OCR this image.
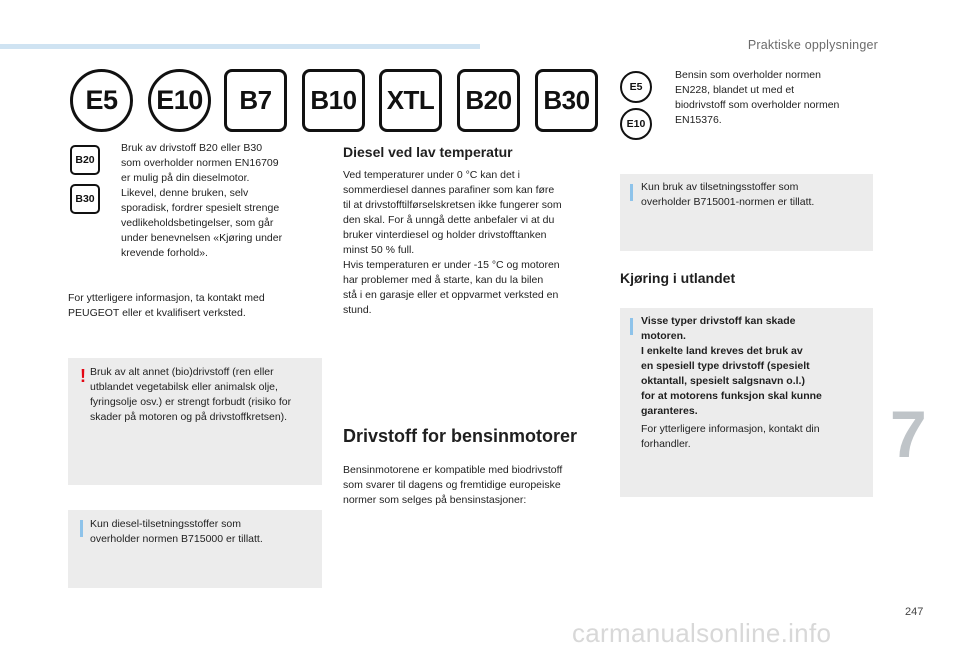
Praktiske opplysninger
E5	E10	B7	B10	XTL	B20	B30
B20
B30
Bruk av drivstoff B20 eller B30
som overholder normen EN16709
er mulig på din dieselmotor.
Likevel, denne bruken, selv
sporadisk, fordrer spesielt strenge
vedlikeholdsbetingelser, som går
under benevnelsen «Kjøring under
krevende forhold».
For ytterligere informasjon, ta kontakt med
PEUGEOT eller et kvalifisert verksted.
! Bruk av alt annet (bio)drivstoff (ren eller
utblandet vegetabilsk eller animalsk olje,
fyringsolje osv.) er strengt forbudt (risiko for
skader på motoren og på drivstoffkretsen).
Kun diesel-tilsetningsstoffer som
overholder normen B715000 er tillatt.
Diesel ved lav temperatur
Ved temperaturer under 0 °C kan det i
sommerdiesel dannes parafiner som kan føre
til at drivstofftilførselskretsen ikke fungerer som
den skal. For å unngå dette anbefaler vi at du
bruker vinterdiesel og holder drivstofftanken
minst 50 % full.
Hvis temperaturen er under -15 °C og motoren
har problemer med å starte, kan du la bilen
stå i en garasje eller et oppvarmet verksted en
stund.
Drivstoff for bensinmotorer
Bensinmotorene er kompatible med biodrivstoff
som svarer til dagens og fremtidige europeiske
normer som selges på bensinstasjoner:
E5
E10
Bensin som overholder normen
EN228, blandet ut med et
biodrivstoff som overholder normen
EN15376.
Kun bruk av tilsetningsstoffer som
overholder B715001-normen er tillatt.
Kjøring i utlandet
Visse typer drivstoff kan skade
motoren.
I enkelte land kreves det bruk av
en spesiell type drivstoff (spesielt
oktantall, spesielt salgsnavn o.l.)
for at motorens funksjon skal kunne
garanteres.
For ytterligere informasjon, kontakt din
forhandler.	7
247
carmanualsonline.info
